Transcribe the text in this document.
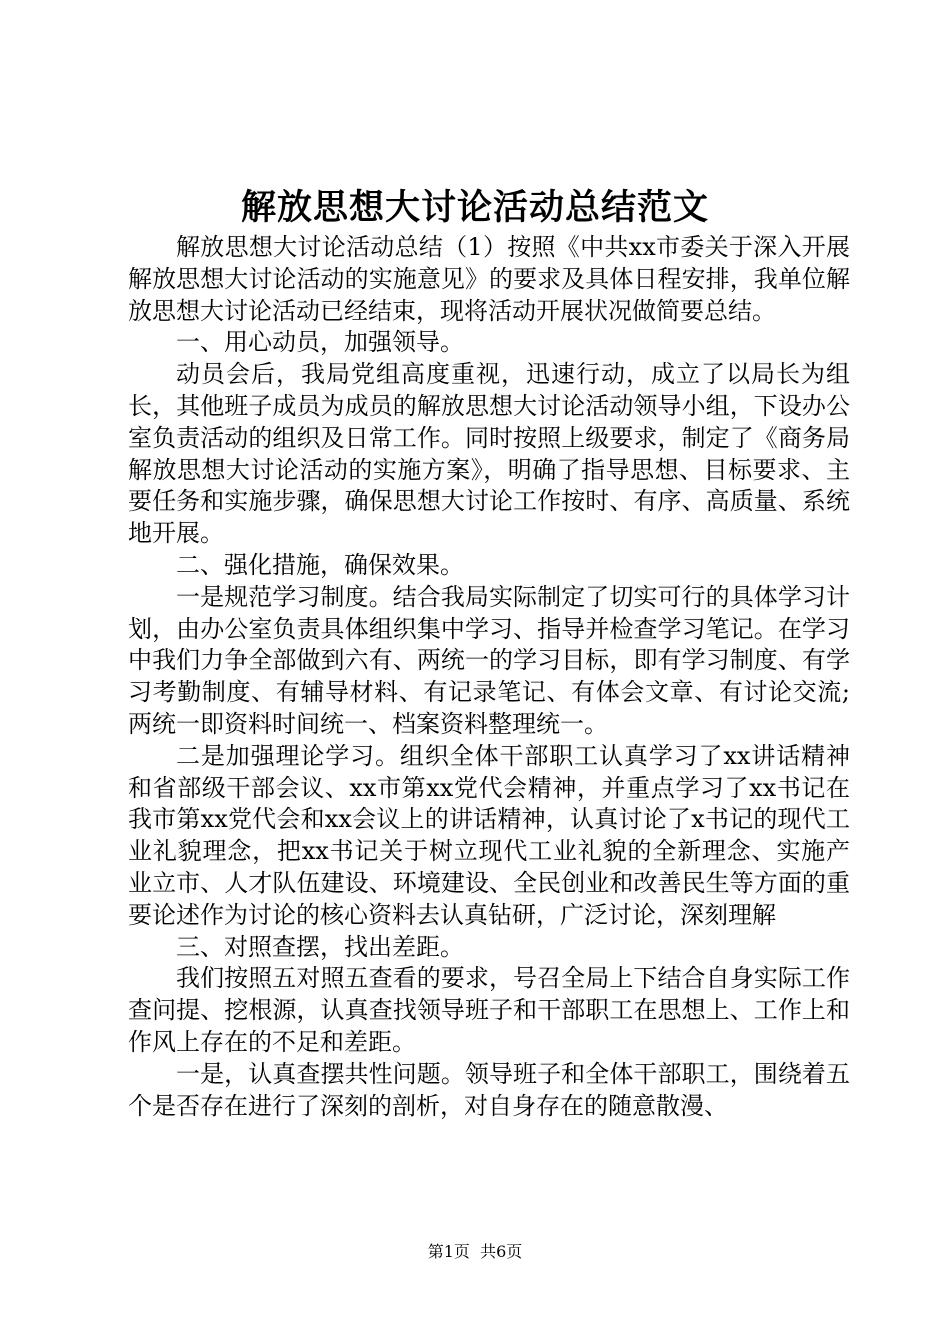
解放思想大讨论活动总结范文

解放思想大讨论活动总结（1）按照《中共xx市委关于深入开展解放思想大讨论活动的实施意见》的要求及具体日程安排，我单位解放思想大讨论活动已经结束，现将活动开展状况做简要总结。

一、用心动员，加强领导。

动员会后，我局党组高度重视，迅速行动，成立了以局长为组长，其他班子成员为成员的解放思想大讨论活动领导小组，下设办公室负责活动的组织及日常工作。同时按照上级要求，制定了《商务局解放思想大讨论活动的实施方案》，明确了指导思想、目标要求、主要任务和实施步骤，确保思想大讨论工作按时、有序、高质量、系统地开展。

二、强化措施，确保效果。

一是规范学习制度。结合我局实际制定了切实可行的具体学习计划，由办公室负责具体组织集中学习、指导并检查学习笔记。在学习中我们力争全部做到六有、两统一的学习目标，即有学习制度、有学习考勤制度、有辅导材料、有记录笔记、有体会文章、有讨论交流;两统一即资料时间统一、档案资料整理统一。

二是加强理论学习。组织全体干部职工认真学习了xx讲话精神和省部级干部会议、xx市第xx党代会精神，并重点学习了xx书记在我市第xx党代会和xx会议上的讲话精神，认真讨论了x书记的现代工业礼貌理念，把xx书记关于树立现代工业礼貌的全新理念、实施产业立市、人才队伍建设、环境建设、全民创业和改善民生等方面的重要论述作为讨论的核心资料去认真钻研，广泛讨论，深刻理解

三、对照查摆，找出差距。

我们按照五对照五查看的要求，号召全局上下结合自身实际工作查问提、挖根源，认真查找领导班子和干部职工在思想上、工作上和作风上存在的不足和差距。

一是，认真查摆共性问题。领导班子和全体干部职工，围绕着五个是否存在进行了深刻的剖析，对自身存在的随意散漫、

第1页 共6页
